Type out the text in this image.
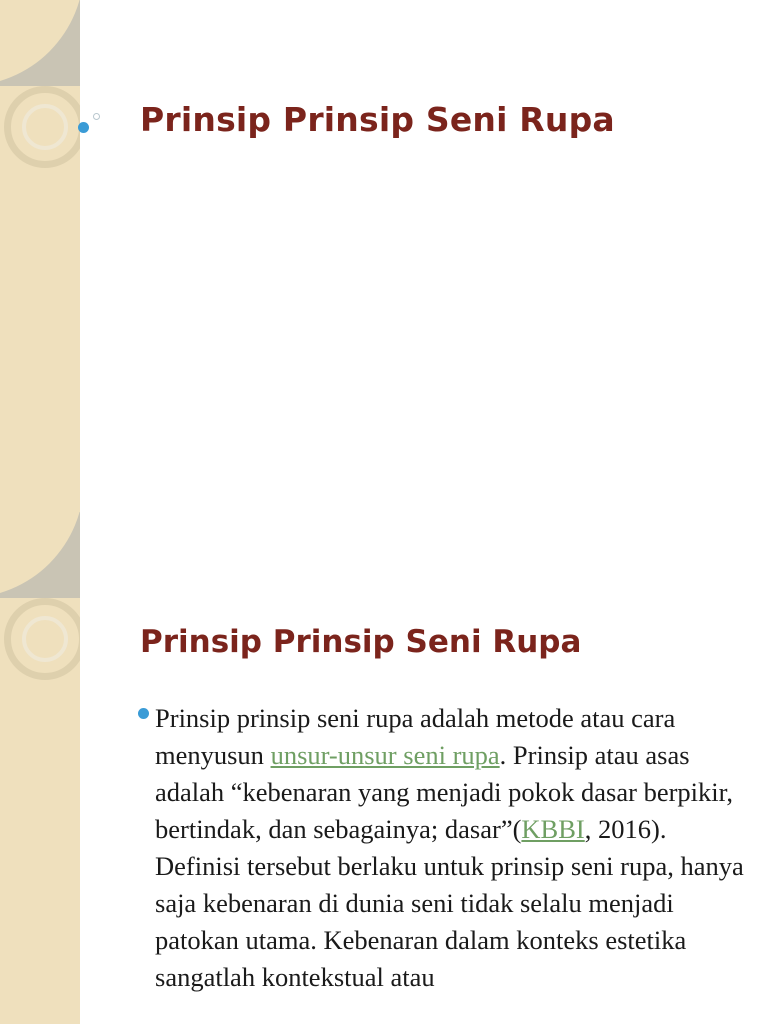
Prinsip Prinsip Seni Rupa
Prinsip Prinsip Seni Rupa
Prinsip prinsip seni rupa adalah metode atau cara menyusun unsur-unsur seni rupa. Prinsip atau asas adalah “kebenaran yang menjadi pokok dasar berpikir, bertindak, dan sebagainya; dasar”(KBBI, 2016). Definisi tersebut berlaku untuk prinsip seni rupa, hanya saja kebenaran di dunia seni tidak selalu menjadi patokan utama. Kebenaran dalam konteks estetika sangatlah kontekstual atau
